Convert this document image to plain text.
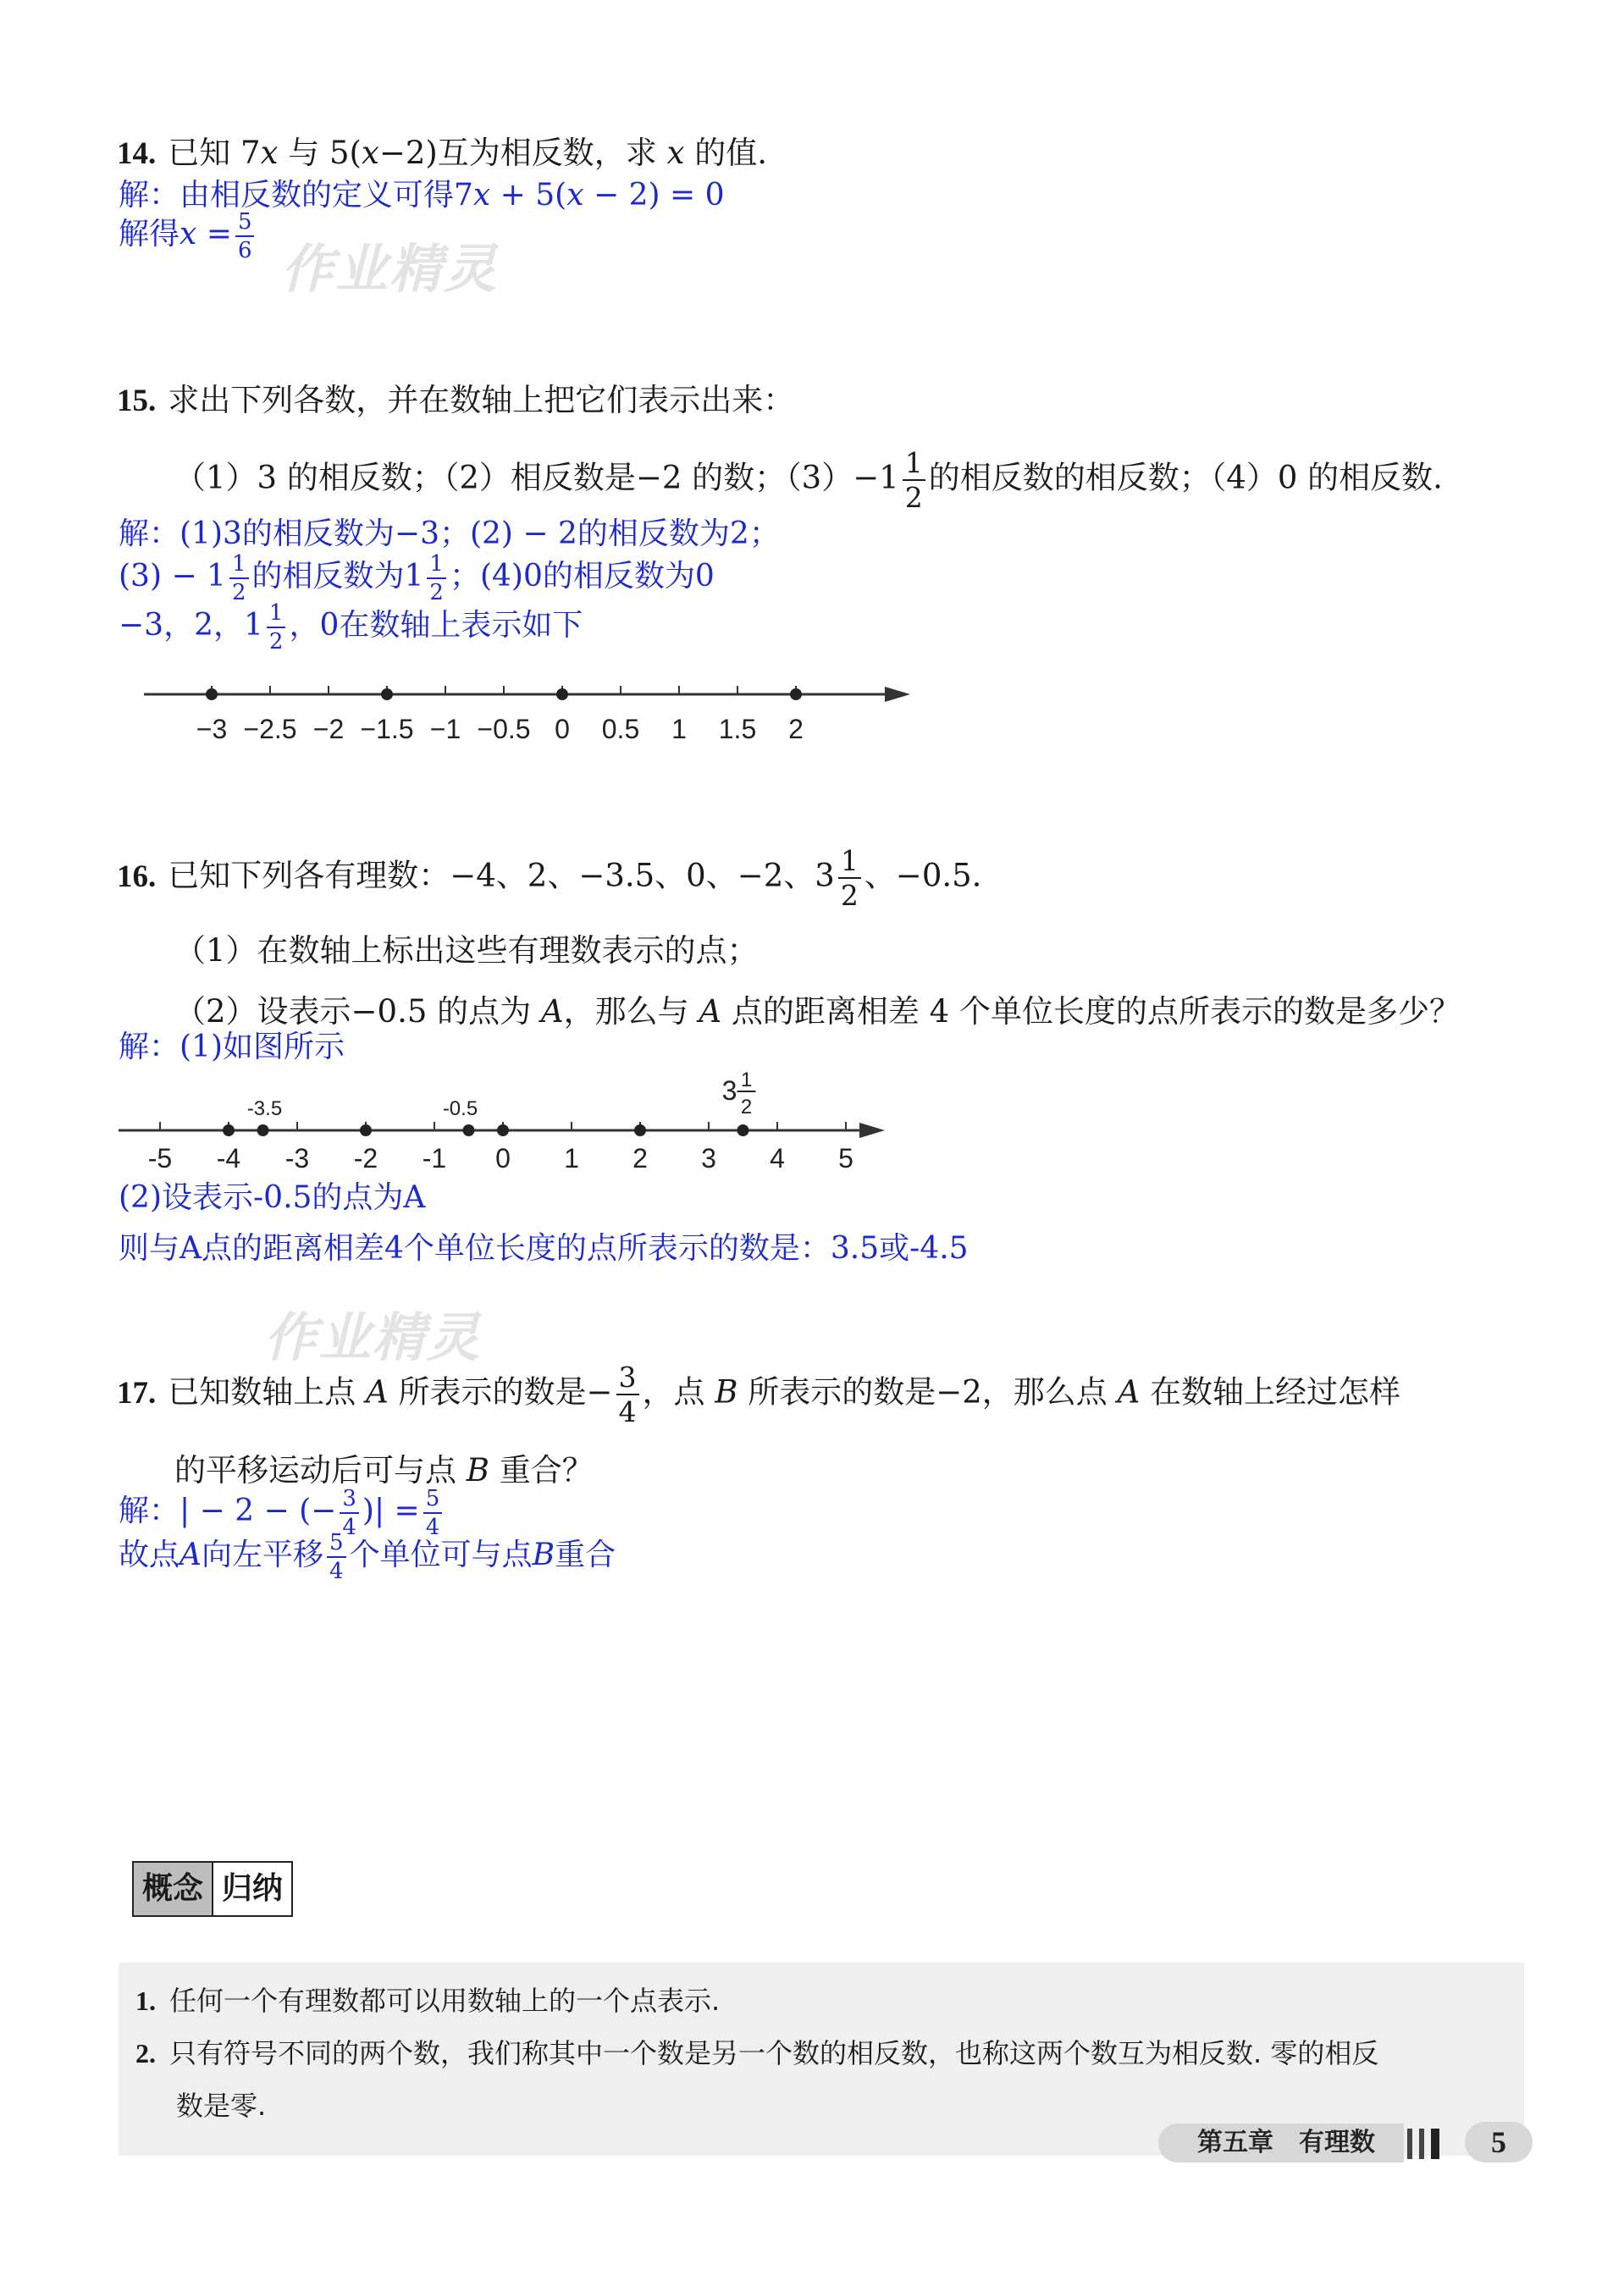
14. 已知 7x 与 5(x−2)互为相反数，求 x 的值.
解：由相反数的定义可得7x + 5(x − 2) = 0
解得$x = \frac{5}{6}$
作业精灵
15. 求出下列各数，并在数轴上把它们表示出来：
（1）3 的相反数；（2）相反数是−2 的数；$(3)-1 \frac{1}{2}$ 的相反数的相反数；（4）0 的相反数.
解：(1)3的相反数为−3；(2) − 2的相反数为2；
$(3) - 1 \frac{1}{2}$ 的相反数为$1 \frac{1}{2}$ ；(4)0的相反数为0
−3，2，$1 \frac{1}{2}$ ，0在数轴上表示如下
−3 −2.5 −2 −1.5 −1 −0.5 0 0.5 1 1.5 2
16. 已知下列各有理数：−4、2、−3.5、0、−2、$3 \frac{1}{2}$ 、−0.5.
（1）在数轴上标出这些有理数表示的点；
（2）设表示−0.5 的点为 A，那么与 A 点的距离相差 4 个单位长度的点所表示的数是多少？
解：(1)如图所示
-5 -4 -3 -2 -1 0 1 2 3 4 5
-3.5	-0.5
3 1
2
(2)设表示-0.5的点为A
则与A点的距离相差4个单位长度的点所表示的数是：3.5或-4.5
作业精灵
17. 已知数轴上点 A 所表示的数是− $\frac{3}{4}$ ，点 B 所表示的数是−2，那么点 A 在数轴上经过怎样
的平移运动后可与点 B 重合？
解：| − 2 − (− $\frac{3}{4}$ )| = $\frac{5}{4}$
故点A向左平移 $\frac{5}{4}$ 个单位可与点B重合
概念 归纳
1. 任何一个有理数都可以用数轴上的一个点表示.
2. 只有符号不同的两个数，我们称其中一个数是另一个数的相反数，也称这两个数互为相反数. 零的相反
数是零.
第五章　有理数	5
